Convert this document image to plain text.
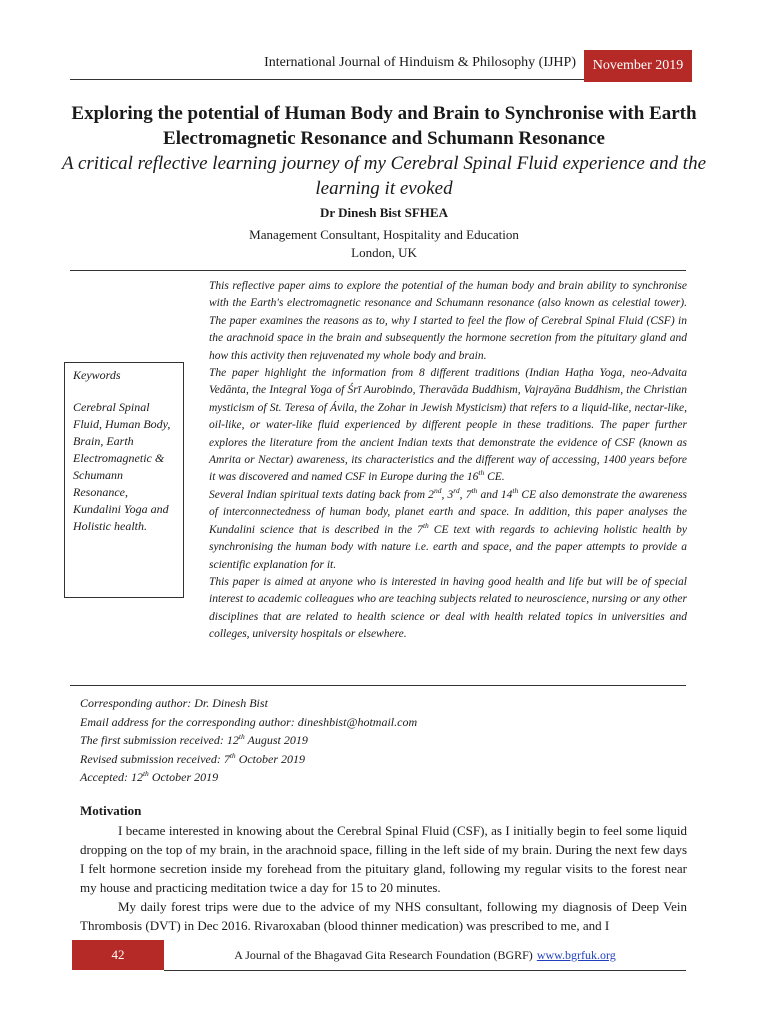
International Journal of Hinduism & Philosophy (IJHP)	November 2019
Exploring the potential of Human Body and Brain to Synchronise with Earth Electromagnetic Resonance and Schumann Resonance
A critical reflective learning journey of my Cerebral Spinal Fluid experience and the learning it evoked
Dr Dinesh Bist SFHEA
Management Consultant, Hospitality and Education
London, UK
Keywords
Cerebral Spinal Fluid, Human Body, Brain, Earth Electromagnetic & Schumann Resonance, Kundalini Yoga and Holistic health.

This reflective paper aims to explore the potential of the human body and brain ability to synchronise with the Earth's electromagnetic resonance and Schumann resonance (also known as celestial tower). The paper examines the reasons as to, why I started to feel the flow of Cerebral Spinal Fluid (CSF) in the arachnoid space in the brain and subsequently the hormone secretion from the pituitary gland and how this activity then rejuvenated my whole body and brain.

The paper highlight the information from 8 different traditions (Indian Haṭha Yoga, neo-Advaita Vedānta, the Integral Yoga of Śrī Aurobindo, Theravāda Buddhism, Vajrayāna Buddhism, the Christian mysticism of St. Teresa of Ávila, the Zohar in Jewish Mysticism) that refers to a liquid-like, nectar-like, oil-like, or water-like fluid experienced by different people in these traditions. The paper further explores the literature from the ancient Indian texts that demonstrate the evidence of CSF (known as Amrita or Nectar) awareness, its characteristics and the different way of accessing, 1400 years before it was discovered and named CSF in Europe during the 16th CE.

Several Indian spiritual texts dating back from 2nd, 3rd, 7th and 14th CE also demonstrate the awareness of interconnectedness of human body, planet earth and space. In addition, this paper analyses the Kundalini science that is described in the 7th CE text with regards to achieving holistic health by synchronising the human body with nature i.e. earth and space, and the paper attempts to provide a scientific explanation for it.

This paper is aimed at anyone who is interested in having good health and life but will be of special interest to academic colleagues who are teaching subjects related to neuroscience, nursing or any other disciplines that are related to health science or deal with health related topics in universities and colleges, university hospitals or elsewhere.

Corresponding author: Dr. Dinesh Bist
Email address for the corresponding author: dineshbist@hotmail.com
The first submission received: 12th August 2019
Revised submission received: 7th October 2019
Accepted: 12th October 2019
Motivation

I became interested in knowing about the Cerebral Spinal Fluid (CSF), as I initially begin to feel some liquid dropping on the top of my brain, in the arachnoid space, filling in the left side of my brain. During the next few days I felt hormone secretion inside my forehead from the pituitary gland, following my regular visits to the forest near my house and practicing meditation twice a day for 15 to 20 minutes.

My daily forest trips were due to the advice of my NHS consultant, following my diagnosis of Deep Vein Thrombosis (DVT) in Dec 2016. Rivaroxaban (blood thinner medication) was prescribed to me, and I

42	A Journal of the Bhagavad Gita Research Foundation (BGRF) www.bgrfuk.org
